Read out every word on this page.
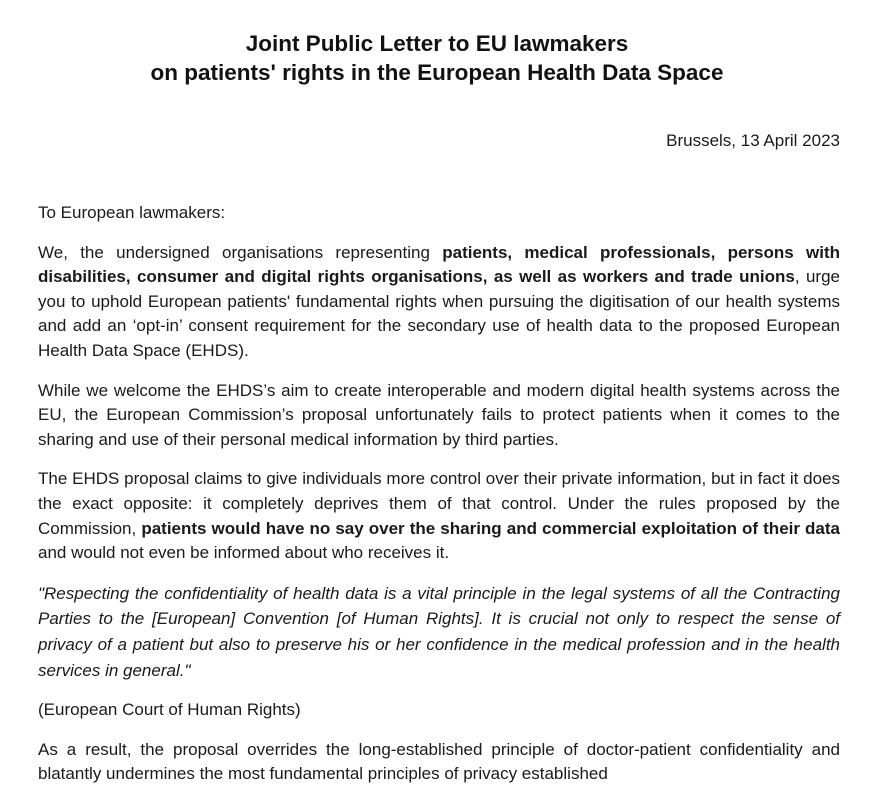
Joint Public Letter to EU lawmakers
on patients' rights in the European Health Data Space
Brussels, 13 April 2023

To European lawmakers:

We, the undersigned organisations representing patients, medical professionals, persons with disabilities, consumer and digital rights organisations, as well as workers and trade unions, urge you to uphold European patients' fundamental rights when pursuing the digitisation of our health systems and add an ‘opt-in’ consent requirement for the secondary use of health data to the proposed European Health Data Space (EHDS).

While we welcome the EHDS’s aim to create interoperable and modern digital health systems across the EU, the European Commission’s proposal unfortunately fails to protect patients when it comes to the sharing and use of their personal medical information by third parties.

The EHDS proposal claims to give individuals more control over their private information, but in fact it does the exact opposite: it completely deprives them of that control. Under the rules proposed by the Commission, patients would have no say over the sharing and commercial exploitation of their data and would not even be informed about who receives it.

"Respecting the confidentiality of health data is a vital principle in the legal systems of all the Contracting Parties to the [European] Convention [of Human Rights]. It is crucial not only to respect the sense of privacy of a patient but also to preserve his or her confidence in the medical profession and in the health services in general."

(European Court of Human Rights)

As a result, the proposal overrides the long-established principle of doctor-patient confidentiality and blatantly undermines the most fundamental principles of privacy established
